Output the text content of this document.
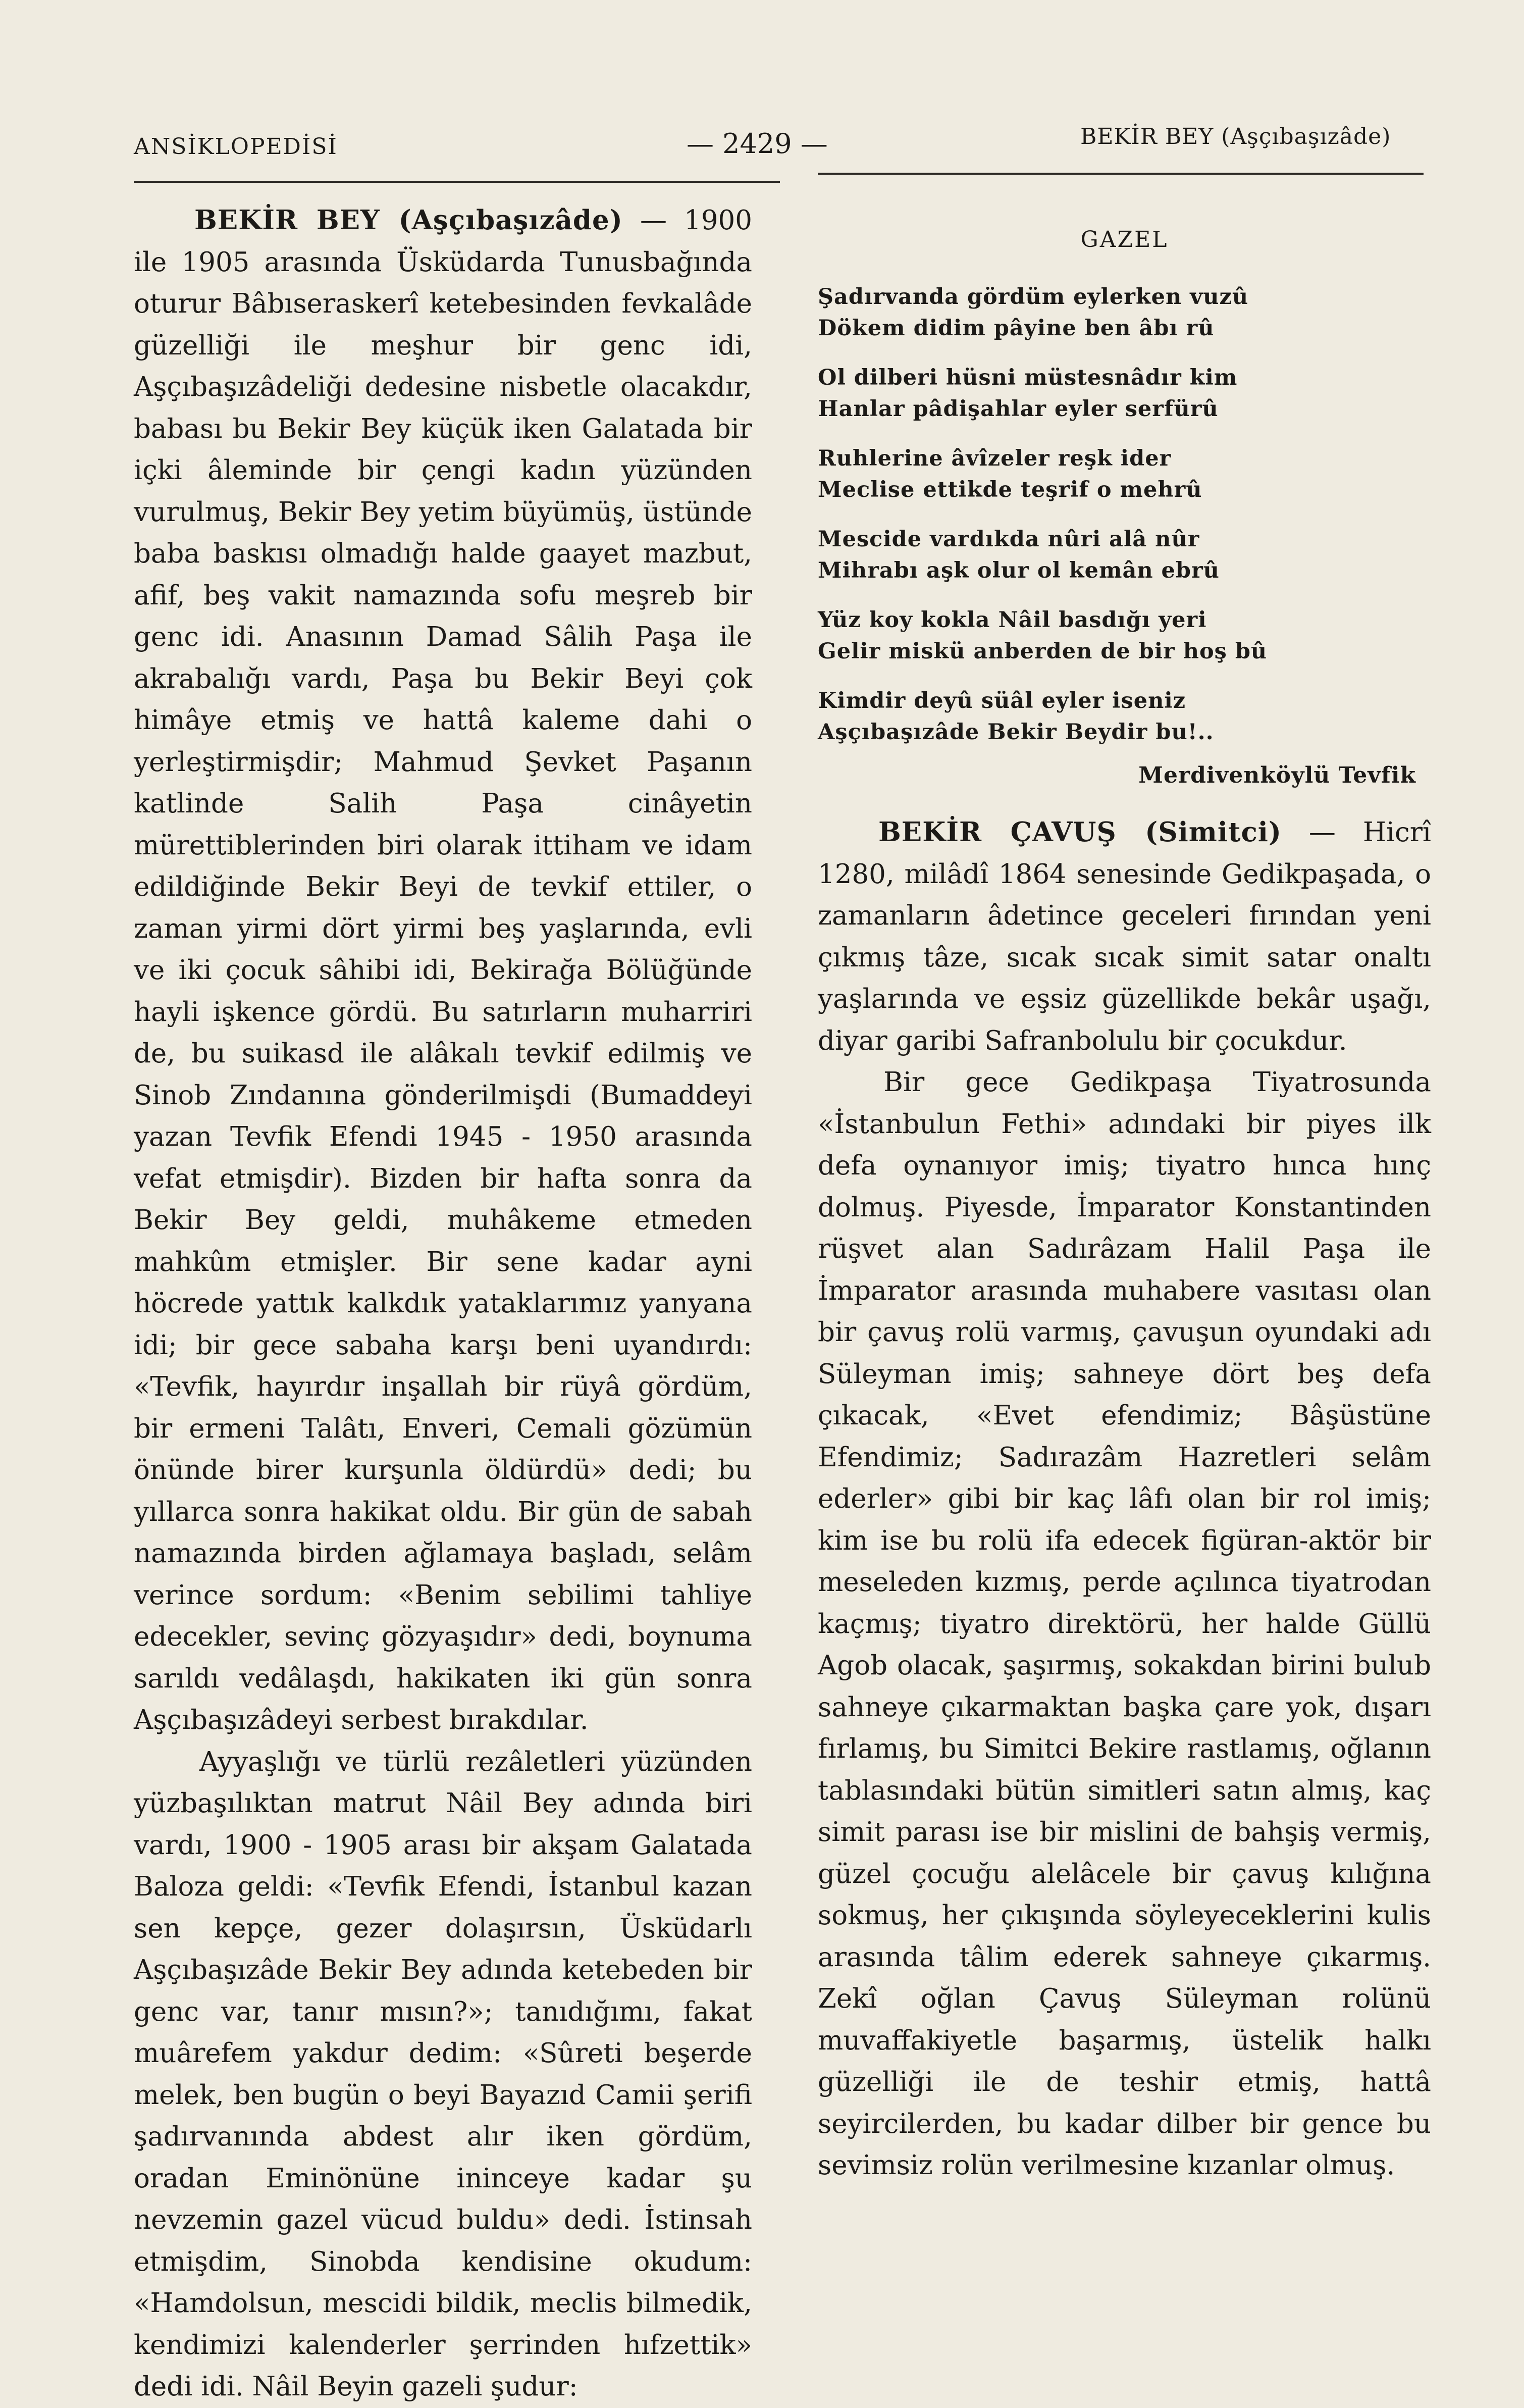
ANSİKLOPEDİSİ	— 2429 —	BEKİR BEY (Aşçıbaşızâde)

BEKİR BEY (Aşçıbaşızâde) — 1900 ile 1905 arasında Üsküdarda Tunusbağında oturur Bâbıseraskerî ketebesinden fevkalâde güzelliği ile meşhur bir genc idi, Aşçıbaşızâdeliği dedesine nisbetle olacakdır, babası bu Bekir Bey küçük iken Galatada bir içki âleminde bir çengi kadın yüzünden vurulmuş, Bekir Bey yetim büyümüş, üstünde baba baskısı olmadığı halde gaayet mazbut, afif, beş vakit namazında sofu meşreb bir genc idi. Anasının Damad Sâlih Paşa ile akrabalığı vardı, Paşa bu Bekir Beyi çok himâye etmiş ve hattâ kaleme dahi o yerleştirmişdir; Mahmud Şevket Paşanın katlinde Salih Paşa cinâyetin mürettiblerinden biri olarak ittiham ve idam edildiğinde Bekir Beyi de tevkif ettiler, o zaman yirmi dört yirmi beş yaşlarında, evli ve iki çocuk sâhibi idi, Bekirağa Bölüğünde hayli işkence gördü. Bu satırların muharriri de, bu suikasd ile alâkalı tevkif edilmiş ve Sinob Zındanına gönderilmişdi (Bumaddeyi yazan Tevfik Efendi 1945 - 1950 arasında vefat etmişdir). Bizden bir hafta sonra da Bekir Bey geldi, muhâkeme etmeden mahkûm etmişler. Bir sene kadar ayni höcrede yattık kalkdık yataklarımız yanyana idi; bir gece sabaha karşı beni uyandırdı: «Tevfik, hayırdır inşallah bir rüyâ gördüm, bir ermeni Talâtı, Enveri, Cemali gözümün önünde birer kurşunla öldürdü» dedi; bu yıllarca sonra hakikat oldu. Bir gün de sabah namazında birden ağlamaya başladı, selâm verince sordum: «Benim sebilimi tahliye edecekler, sevinç gözyaşıdır» dedi, boynuma sarıldı vedâlaşdı, hakikaten iki gün sonra Aşçıbaşızâdeyi serbest bırakdılar.

Ayyaşlığı ve türlü rezâletleri yüzünden yüzbaşılıktan matrut Nâil Bey adında biri vardı, 1900 - 1905 arası bir akşam Galatada Baloza geldi: «Tevfik Efendi, İstanbul kazan sen kepçe, gezer dolaşırsın, Üsküdarlı Aşçıbaşızâde Bekir Bey adında ketebeden bir genc var, tanır mısın?»; tanıdığımı, fakat muârefem yakdur dedim: «Sûreti beşerde melek, ben bugün o beyi Bayazıd Camii şerifi şadırvanında abdest alır iken gördüm, oradan Eminönüne ininceye kadar şu nevzemin gazel vücud buldu» dedi. İstinsah etmişdim, Sinobda kendisine okudum: «Hamdolsun, mescidi bildik, meclis bilmedik, kendimizi kalenderler şerrinden hıfzettik» dedi idi. Nâil Beyin gazeli şudur:

GAZEL
Şadırvanda gördüm eylerken vuzû
Dökem didim pâyine ben âbı rû
Ol dilberi hüsni müstesnâdır kim
Hanlar pâdişahlar eyler serfürû
Ruhlerine âvîzeler reşk ider
Meclise ettikde teşrif o mehrû
Mescide vardıkda nûri alâ nûr
Mihrabı aşk olur ol kemân ebrû
Yüz koy kokla Nâil basdığı yeri
Gelir miskü anberden de bir hoş bû
Kimdir deyû süâl eyler iseniz
Aşçıbaşızâde Bekir Beydir bu!..
Merdivenköylü Tevfik

BEKİR ÇAVUŞ (Simitci) — Hicrî 1280, milâdî 1864 senesinde Gedikpaşada, o zamanların âdetince geceleri fırından yeni çıkmış tâze, sıcak sıcak simit satar onaltı yaşlarında ve eşsiz güzellikde bekâr uşağı, diyar garibi Safranbolulu bir çocukdur.

Bir gece Gedikpaşa Tiyatrosunda «İstanbulun Fethi» adındaki bir piyes ilk defa oynanıyor imiş; tiyatro hınca hınç dolmuş. Piyesde, İmparator Konstantinden rüşvet alan Sadırâzam Halil Paşa ile İmparator arasında muhabere vasıtası olan bir çavuş rolü varmış, çavuşun oyundaki adı Süleyman imiş; sahneye dört beş defa çıkacak, «Evet efendimiz; Bâşüstüne Efendimiz; Sadırazâm Hazretleri selâm ederler» gibi bir kaç lâfı olan bir rol imiş; kim ise bu rolü ifa edecek figüran-aktör bir meseleden kızmış, perde açılınca tiyatrodan kaçmış; tiyatro direktörü, her halde Güllü Agob olacak, şaşırmış, sokakdan birini bulub sahneye çıkarmaktan başka çare yok, dışarı fırlamış, bu Simitci Bekire rastlamış, oğlanın tablasındaki bütün simitleri satın almış, kaç simit parası ise bir mislini de bahşiş vermiş, güzel çocuğu alelâcele bir çavuş kılığına sokmuş, her çıkışında söyleyeceklerini kulis arasında tâlim ederek sahneye çıkarmış. Zekî oğlan Çavuş Süleyman rolünü muvaffakiyetle başarmış, üstelik halkı güzelliği ile de teshir etmiş, hattâ seyircilerden, bu kadar dilber bir gence bu sevimsiz rolün verilmesine kızanlar olmuş.
